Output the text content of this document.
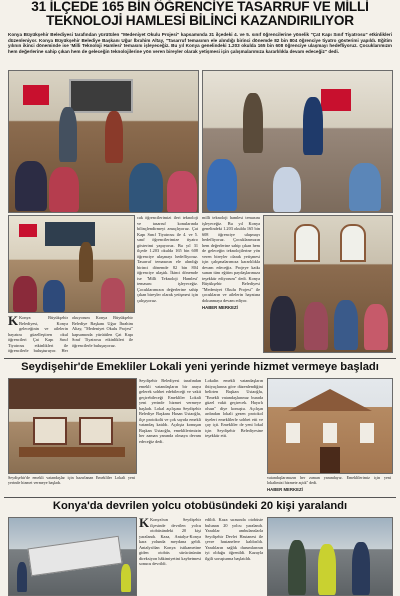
31 İLÇEDE 165 BİN ÖĞRENCİYE TASARRUF VE MİLLİ TEKNOLOJİ HAMLESİ BİLİNCİ KAZANDIRILIYOR
Konya Büyükşehir Belediyesi tarafından yürütülen "Medeniyet Okulu Projesi" kapsamında 31 ilçedeki 4. ve 5. sınıf öğrencilerine yönelik "Çat Kapı Sınıf Tiyatrosu" etkinlikleri düzenleniyor. Konya Büyükşehir Belediye Başkanı Uğur İbrahim Altay, "Tasarruf temasının ele alındığı birinci dönemde 82 bin 804 öğrenciye tiyatro gösterimi yapıldı. Eğitim yılının ikinci döneminde ise 'Milli Teknoloji Hamlesi' temasını işleyeceğiz. Bu yıl Konya genelindeki 1.203 okulda 165 bin 608 öğrenciye ulaşmayı hedefliyoruz. Çocuklarımızın hem değerlerine sahip çıkan hem de geleceğin teknolojilerine yön veren bireyler olarak yetişmesi için çalışmalarımıza kararlılıkla devam edeceğiz" dedi.
K Konya Büyükşehir Belediyesi, Konya geleceğinin ve ailelerin hayatını güzelleştiren okul öğrencileri Çat Kapı Sınıf Tiyatrosu etkinlikleri ile öğrencilerle buluşturuyor. Her
okuyorum Konya Büyükşehir Belediye Başkanı Uğur İbrahim Altay, "Medeniyet Okulu Projesi" kapsamında yürütülen Çat Kapı Sınıf Tiyatrosu etkinlikleri ile öğrencilerle buluşuyoruz.
cak öğrencilerimizi ileri teknoloji ve tasarruf konularında bilinçlendirmeyi amaçlıyoruz. Çat Kapı Sınıf Tiyatrosu ile 4. ve 5. sınıf öğrencilerimize tiyatro gösterimi yapıyoruz. Bu yıl 31 ilçede 1.203 okulda 165 bin 608 öğrenciye ulaşmayı hedefliyoruz. Tasarruf temasının ele alındığı birinci dönemde 82 bin 804 öğrenciye ulaştık. İkinci dönemde ise 'Milli Teknoloji Hamlesi' temasını işleyeceğiz. Çocuklarımızın değerlerine sahip çıkan bireyler olarak yetişmesi için çalışıyoruz.
milli teknoloji hamlesi temasını işleyeceğiz. Bu yıl Konya genelindeki 1.203 okulda 165 bin 608 öğrenciye ulaşmayı hedefliyoruz. Çocuklarımızın hem değerlerine sahip çıkan hem de geleceğin teknolojilerine yön veren bireyler olarak yetişmesi için çalışmalarımıza kararlılıkla devam edeceğiz. Projeye katkı sunan tüm eğitim paydaşlarımıza teşekkür ediyorum" dedi. Konya Büyükşehir Belediyesi "Medeniyet Okulu Projesi" ile çocukların ve ailelerin hayatına dokunmaya devam ediyor.
HABER MERKEZİ
Seydişehir'de Emekliler Lokali yeni yerinde hizmet vermeye başladı
Seydişehir'de emekli vatandaşlar için hazırlanan Emekliler Lokali yeni yerinde hizmet vermeye başladı.
Seydişehir Belediyesi tarafından emekli vatandaşların bir araya gelerek sohbet edebileceği ve vakit geçirebileceği Emekliler Lokali yeni yerinde hizmet vermeye başladı. Lokal açılışına Seydişehir Belediye Başkanı Hasan Ustaoğlu, ilçe protokolü ve çok sayıda emekli vatandaş katıldı. Açılışta konuşan Başkan Ustaoğlu, emeklilerimizin her zaman yanında olmaya devam edeceğiz dedi.
Lokalin emekli vatandaşların ihtiyaçlarına göre düzenlendiğini belirten Başkan Ustaoğlu, "Emekli vatandaşlarımız burada güzel vakit geçirecek. Hayırlı olsun" diye konuştu. Açılışın ardından lokali gezen protokol üyeleri emeklilerle sohbet etti ve çay içti. Emekliler de yeni lokal için Seydişehir Belediyesine teşekkür etti.
vatandaşlarımızın her zaman yanındayız. Emeklilerimiz için yeni lokalimizi hizmete açtık" dedi.
HABER MERKEZİ
Konya'da devrilen yolcu otobüsündeki 20 kişi yaralandı
K Konya'nın Seydişehir ilçesinde devrilen yolcu otobüsündeki 20 kişi yaralandı. Kaza, Antalya-Konya kara yolunda meydana geldi. Antalya'dan Konya istikametine giden otobüs sürücüsünün direksiyon hâkimiyetini kaybetmesi sonucu devrildi.
edildi. Kaza sırasında otobüste bulunan 20 yolcu yaralandı. Yaralılar ambulanslarla Seydişehir Devlet Hastanesi ile çevre hastanelere kaldırıldı. Yaralıların sağlık durumlarının iyi olduğu öğrenildi. Kazayla ilgili soruşturma başlatıldı.
